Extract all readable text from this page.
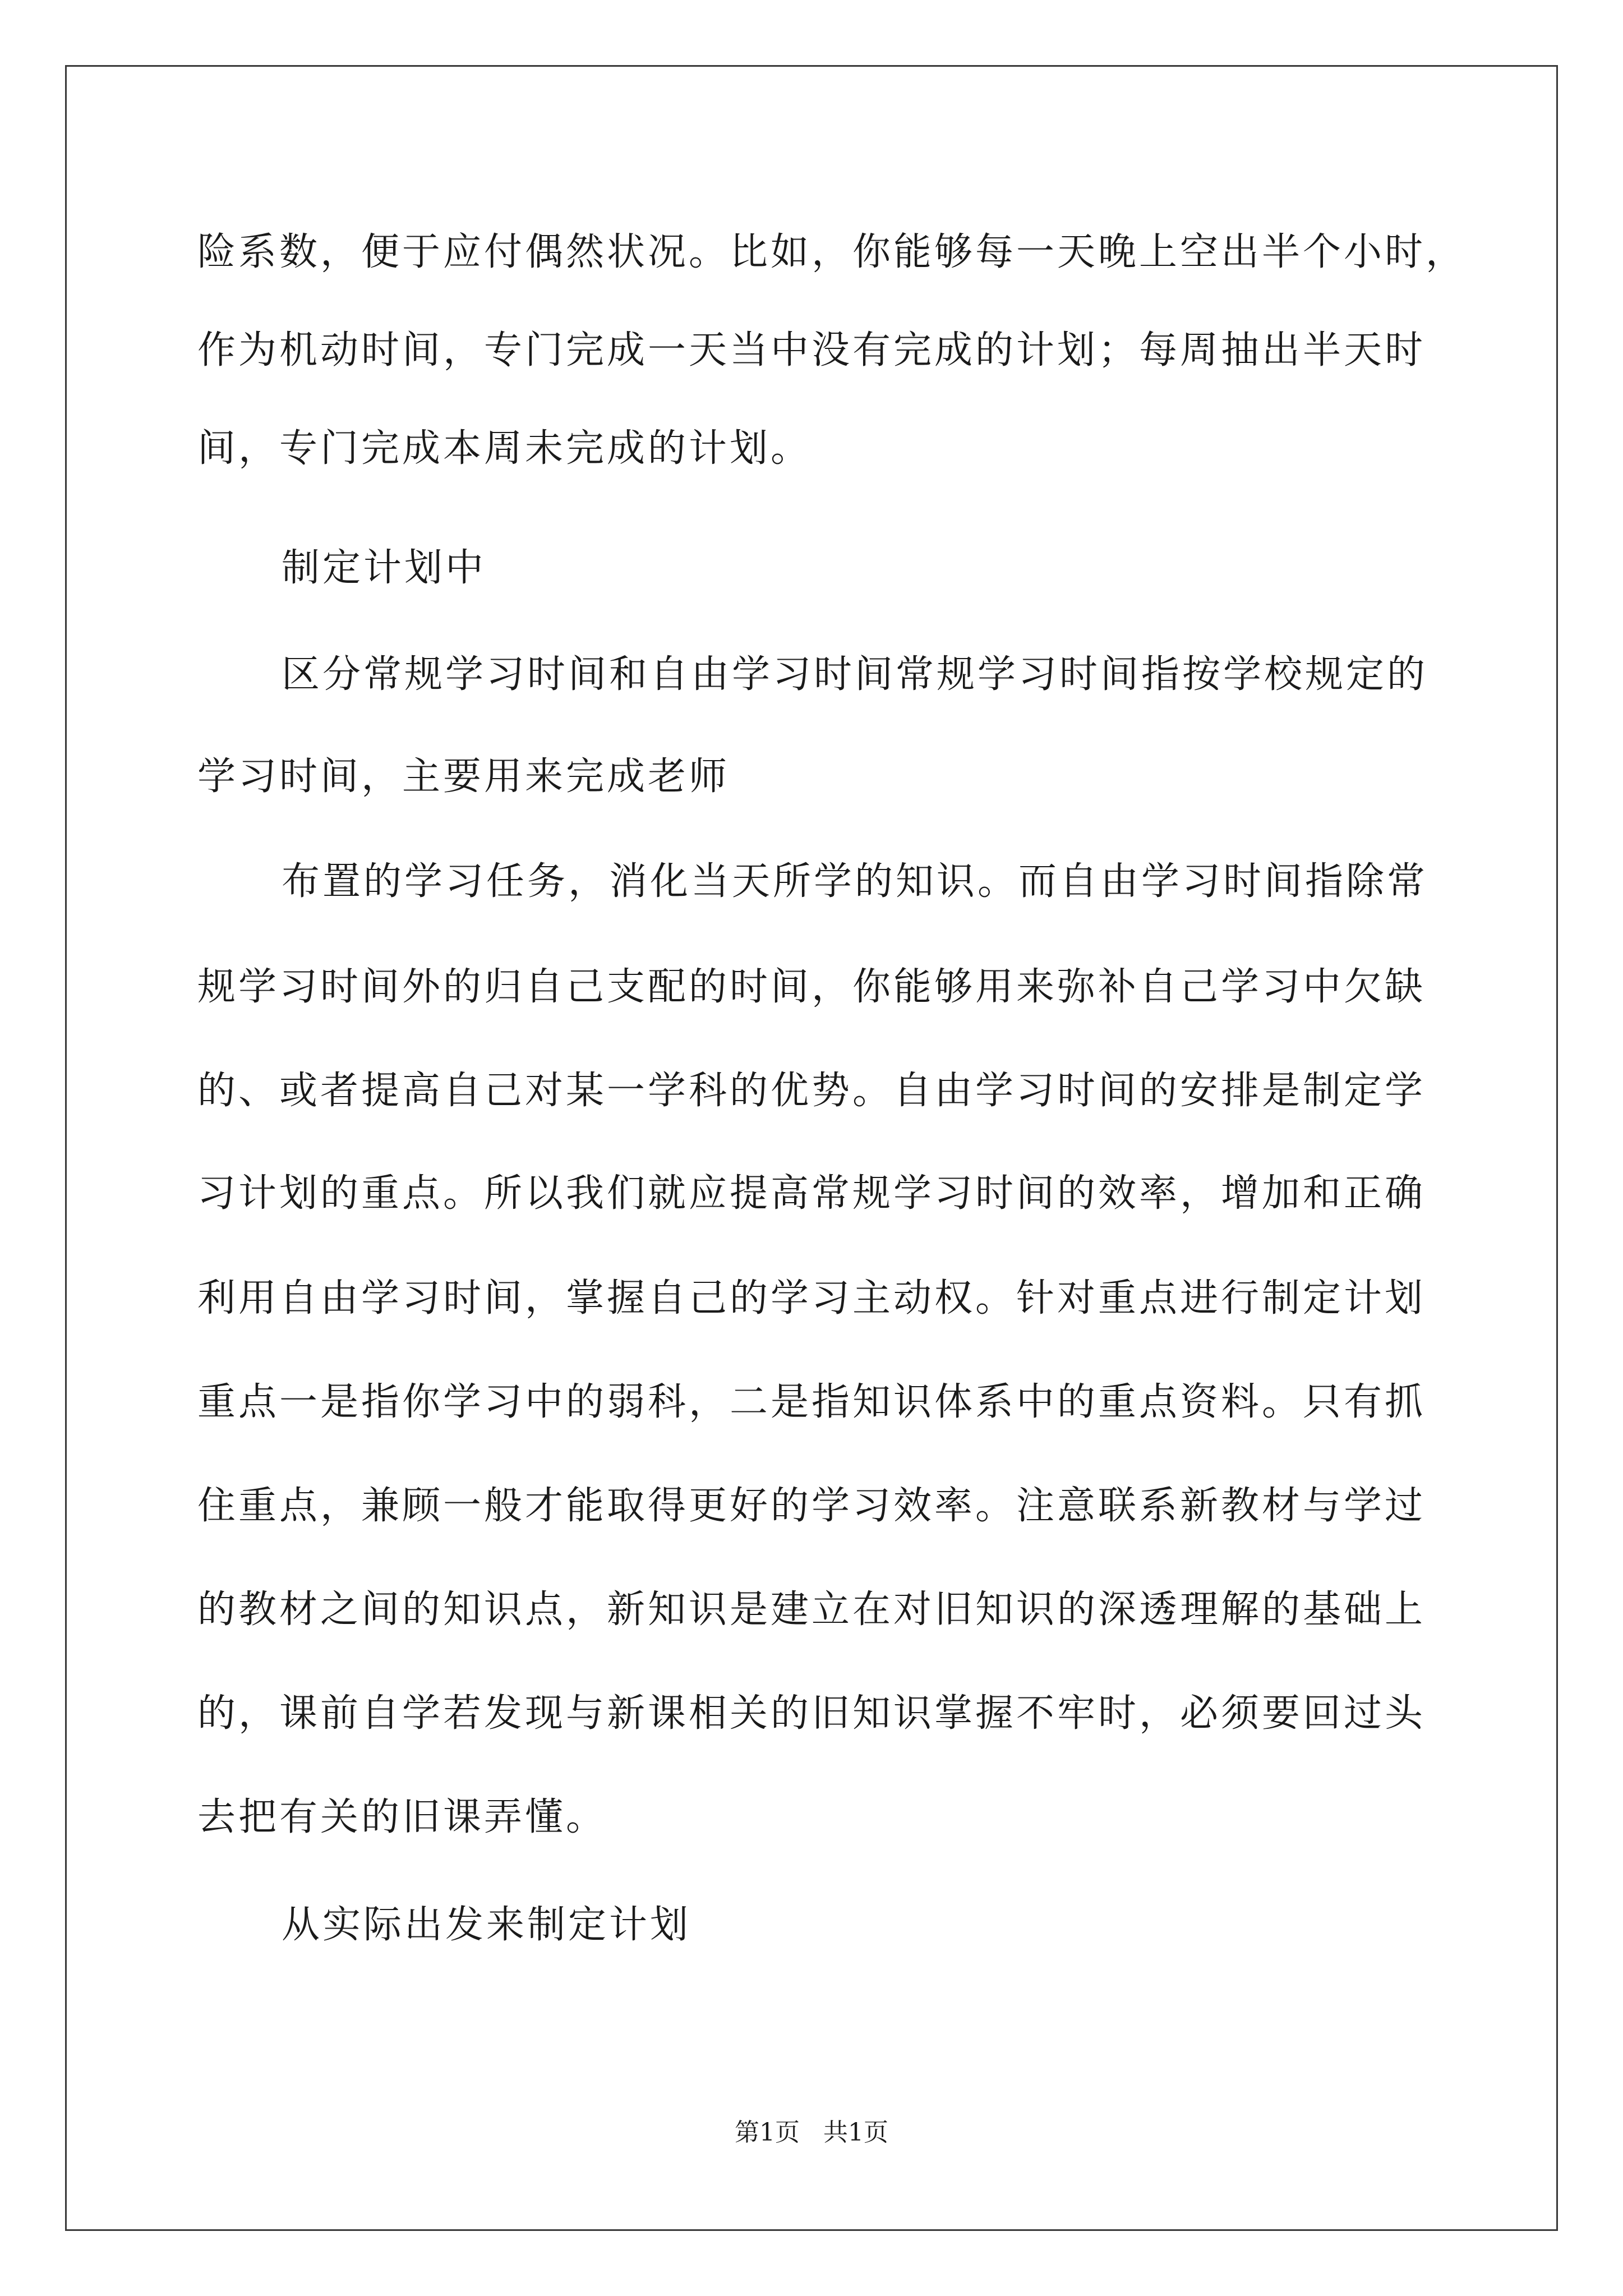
险系数，便于应付偶然状况。比如，你能够每一天晚上空出半个小时，
作为机动时间，专门完成一天当中没有完成的计划；每周抽出半天时
间，专门完成本周未完成的计划。
制定计划中
区分常规学习时间和自由学习时间常规学习时间指按学校规定的
学习时间，主要用来完成老师
布置的学习任务，消化当天所学的知识。而自由学习时间指除常
规学习时间外的归自己支配的时间，你能够用来弥补自己学习中欠缺
的、或者提高自己对某一学科的优势。自由学习时间的安排是制定学
习计划的重点。所以我们就应提高常规学习时间的效率，增加和正确
利用自由学习时间，掌握自己的学习主动权。针对重点进行制定计划
重点一是指你学习中的弱科，二是指知识体系中的重点资料。只有抓
住重点，兼顾一般才能取得更好的学习效率。注意联系新教材与学过
的教材之间的知识点，新知识是建立在对旧知识的深透理解的基础上
的，课前自学若发现与新课相关的旧知识掌握不牢时，必须要回过头
去把有关的旧课弄懂。
从实际出发来制定计划
第1页   共1页
